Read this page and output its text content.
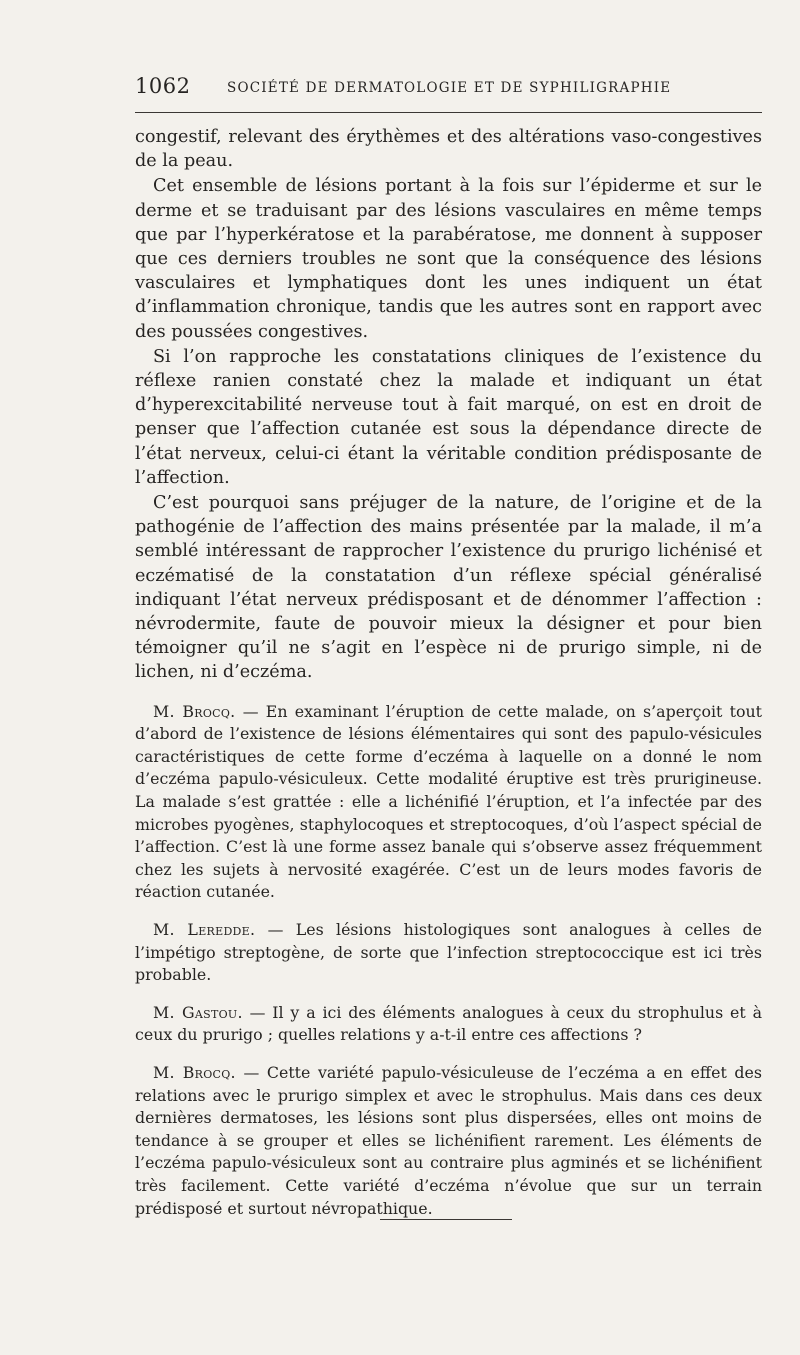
1062	SOCIÉTÉ DE DERMATOLOGIE ET DE SYPHILIGRAPHIE

congestif, relevant des érythèmes et des altérations vaso-congestives de la peau.

Cet ensemble de lésions portant à la fois sur l’épiderme et sur le derme et se traduisant par des lésions vasculaires en même temps que par l’hyperkératose et la parabératose, me donnent à supposer que ces derniers troubles ne sont que la conséquence des lésions vasculaires et lymphatiques dont les unes indiquent un état d’inflammation chronique, tandis que les autres sont en rapport avec des poussées congestives.

Si l’on rapproche les constatations cliniques de l’existence du réflexe ranien constaté chez la malade et indiquant un état d’hyperexcitabilité nerveuse tout à fait marqué, on est en droit de penser que l’affection cutanée est sous la dépendance directe de l’état nerveux, celui-ci étant la véritable condition prédisposante de l’affection.

C’est pourquoi sans préjuger de la nature, de l’origine et de la pathogénie de l’affection des mains présentée par la malade, il m’a semblé intéressant de rapprocher l’existence du prurigo lichénisé et eczématisé de la constatation d’un réflexe spécial généralisé indiquant l’état nerveux prédisposant et de dénommer l’affection : névrodermite, faute de pouvoir mieux la désigner et pour bien témoigner qu’il ne s’agit en l’espèce ni de prurigo simple, ni de lichen, ni d’eczéma.

M. Brocq. — En examinant l’éruption de cette malade, on s’aperçoit tout d’abord de l’existence de lésions élémentaires qui sont des papulo-vésicules caractéristiques de cette forme d’eczéma à laquelle on a donné le nom d’eczéma papulo-vésiculeux. Cette modalité éruptive est très prurigineuse. La malade s’est grattée : elle a lichénifié l’éruption, et l’a infectée par des microbes pyogènes, staphylocoques et streptocoques, d’où l’aspect spécial de l’affection. C’est là une forme assez banale qui s’observe assez fréquemment chez les sujets à nervosité exagérée. C’est un de leurs modes favoris de réaction cutanée.

M. Leredde. — Les lésions histologiques sont analogues à celles de l’impétigo streptogène, de sorte que l’infection streptococcique est ici très probable.

M. Gastou. — Il y a ici des éléments analogues à ceux du strophulus et à ceux du prurigo ; quelles relations y a-t-il entre ces affections ?

M. Brocq. — Cette variété papulo-vésiculeuse de l’eczéma a en effet des relations avec le prurigo simplex et avec le strophulus. Mais dans ces deux dernières dermatoses, les lésions sont plus dispersées, elles ont moins de tendance à se grouper et elles se lichénifient rarement. Les éléments de l’eczéma papulo-vésiculeux sont au contraire plus agminés et se lichénifient très facilement. Cette variété d’eczéma n’évolue que sur un terrain prédisposé et surtout névropathique.
